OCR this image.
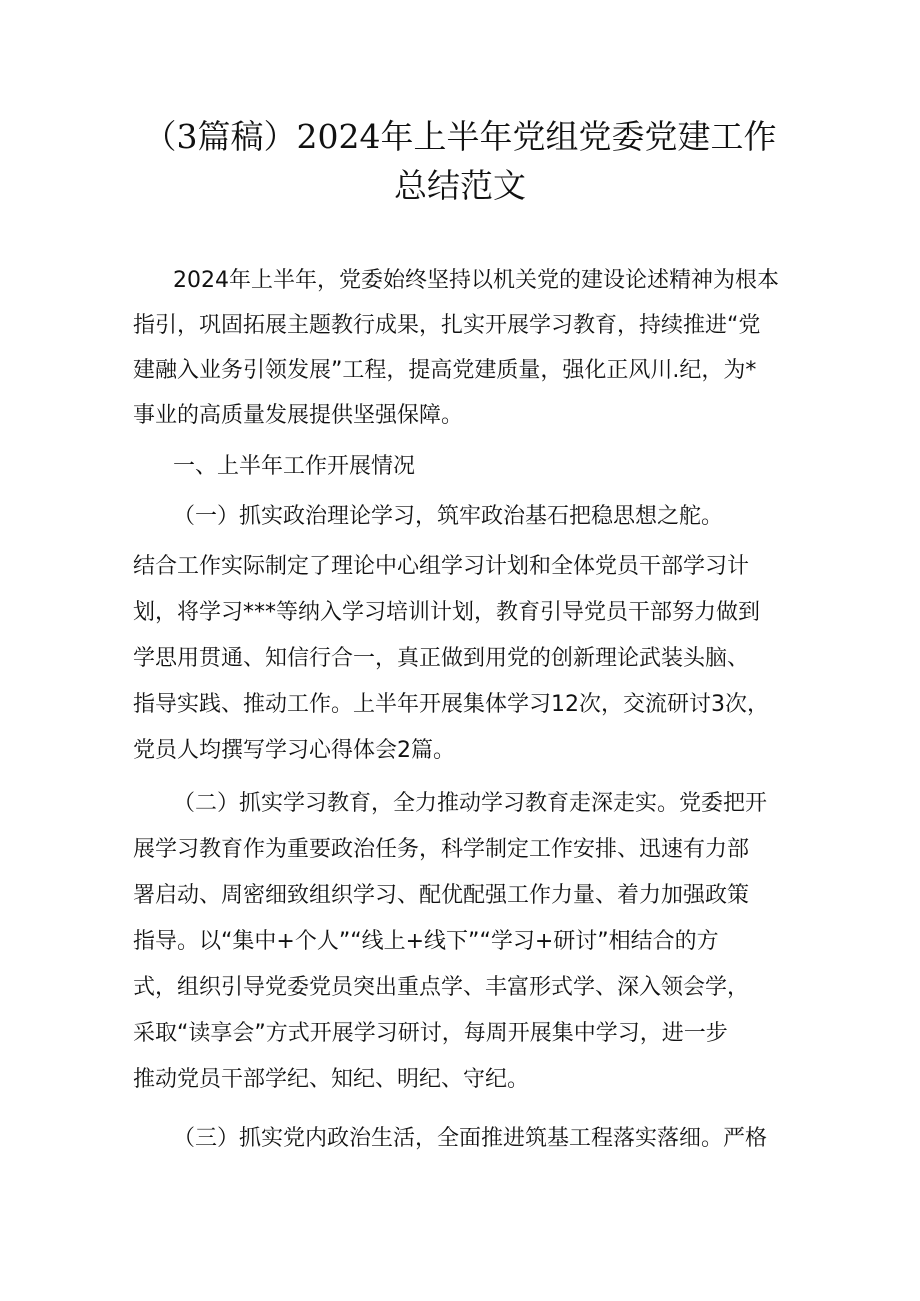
（3篇稿）2024年上半年党组党委党建工作
总结范文
2024年上半年，党委始终坚持以机关党的建设论述精神为根本
指引，巩固拓展主题教行成果，扎实开展学习教育，持续推进“党
建融入业务引领发展”工程，提高党建质量，强化正风川.纪，为*
事业的高质量发展提供坚强保障。
一、上半年工作开展情况
（一）抓实政治理论学习，筑牢政治基石把稳思想之舵。
结合工作实际制定了理论中心组学习计划和全体党员干部学习计
划，将学习***等纳入学习培训计划，教育引导党员干部努力做到
学思用贯通、知信行合一，真正做到用党的创新理论武装头脑、
指导实践、推动工作。上半年开展集体学习12次，交流研讨3次，
党员人均撰写学习心得体会2篇。
（二）抓实学习教育，全力推动学习教育走深走实。党委把开
展学习教育作为重要政治任务，科学制定工作安排、迅速有力部
署启动、周密细致组织学习、配优配强工作力量、着力加强政策
指导。以“集中+个人”“线上+线下”“学习+研讨”相结合的方
式，组织引导党委党员突出重点学、丰富形式学、深入领会学，
采取“读享会”方式开展学习研讨，每周开展集中学习，进一步
推动党员干部学纪、知纪、明纪、守纪。
（三）抓实党内政治生活，全面推进筑基工程落实落细。严格
